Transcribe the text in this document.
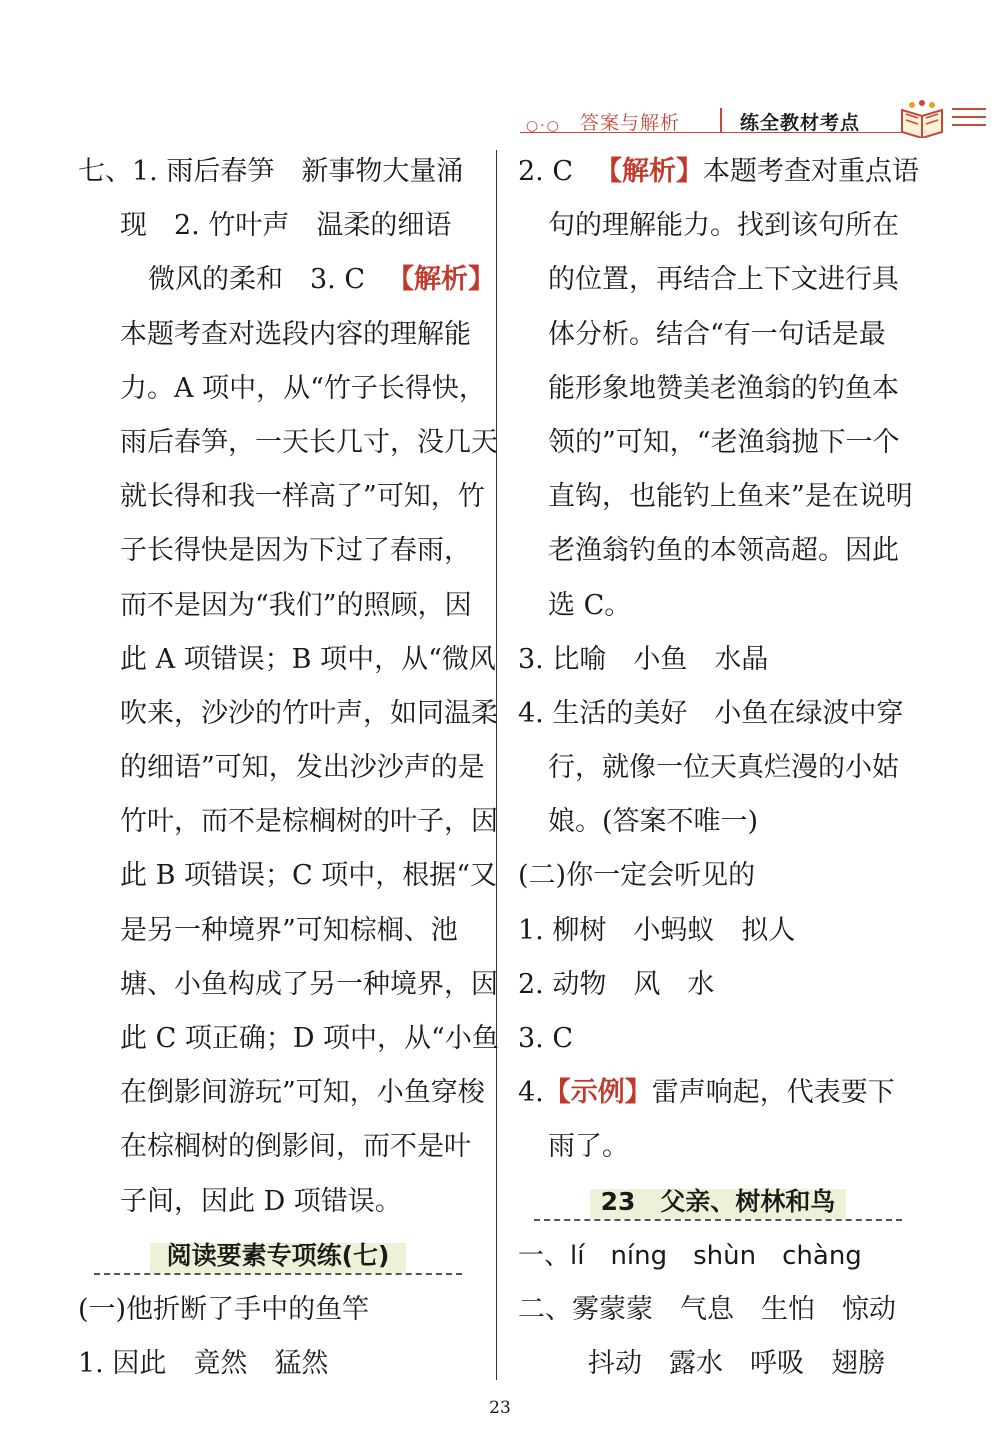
○·○ 答案与解析	练全教材考点
七、1. 雨后春笋　新事物大量涌
现　2. 竹叶声　温柔的细语
微风的柔和　3. C 【解析】
本题考查对选段内容的理解能
力。A 项中，从“竹子长得快，
雨后春笋，一天长几寸，没几天
就长得和我一样高了”可知，竹
子长得快是因为下过了春雨，
而不是因为“我们”的照顾，因
此 A 项错误；B 项中，从“微风
吹来，沙沙的竹叶声，如同温柔
的细语”可知，发出沙沙声的是
竹叶，而不是棕榈树的叶子，因
此 B 项错误；C 项中，根据“又
是另一种境界”可知棕榈、池
塘、小鱼构成了另一种境界，因
此 C 项正确；D 项中，从“小鱼
在倒影间游玩”可知，小鱼穿梭
在棕榈树的倒影间，而不是叶
子间，因此 D 项错误。
阅读要素专项练(七)
(一)他折断了手中的鱼竿
1. 因此　竟然　猛然
2. C 【解析】本题考查对重点语
句的理解能力。找到该句所在
的位置，再结合上下文进行具
体分析。结合“有一句话是最
能形象地赞美老渔翁的钓鱼本
领的”可知，“老渔翁抛下一个
直钩，也能钓上鱼来”是在说明
老渔翁钓鱼的本领高超。因此
选 C。
3. 比喻　小鱼　水晶
4. 生活的美好　小鱼在绿波中穿
行，就像一位天真烂漫的小姑
娘。(答案不唯一)
(二)你一定会听见的
1. 柳树　小蚂蚁　拟人
2. 动物　风　水
3. C
4.【示例】雷声响起，代表要下
雨了。
23　父亲、树林和鸟
一、lí　níng　shùn　chàng
二、雾蒙蒙　气息　生怕　惊动
抖动　露水　呼吸　翅膀
23
